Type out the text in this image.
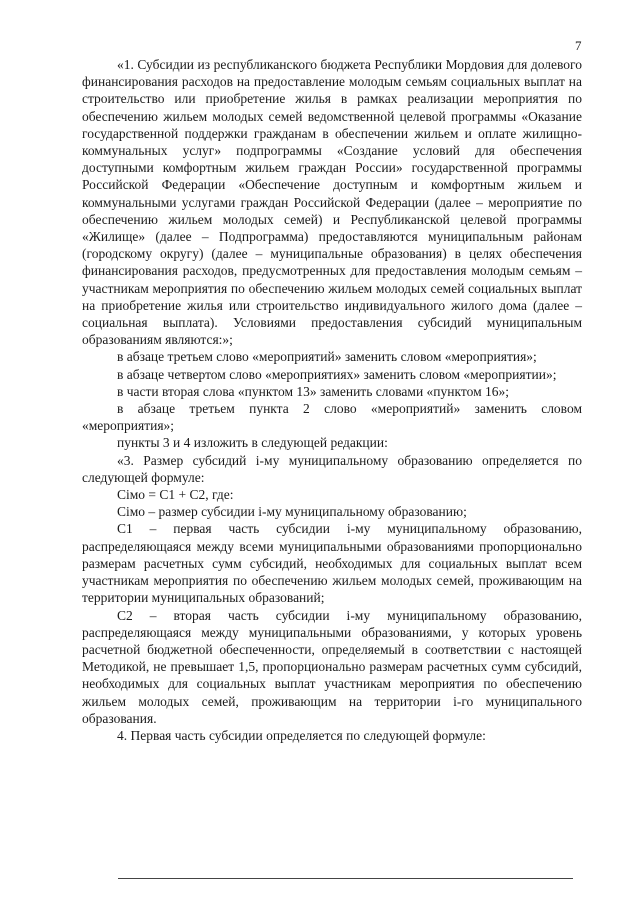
7

«1. Субсидии из республиканского бюджета Республики Мордовия для долевого финансирования расходов на предоставление молодым семьям социальных выплат на строительство или приобретение жилья в рамках реализации мероприятия по обеспечению жильем молодых семей ведомственной целевой программы «Оказание государственной поддержки гражданам в обеспечении жильем и оплате жилищно-коммунальных услуг» подпрограммы «Создание условий для обеспечения доступными комфортным жильем граждан России» государственной программы Российской Федерации «Обеспечение доступным и комфортным жильем и коммунальными услугами граждан Российской Федерации (далее – мероприятие по обеспечению жильем молодых семей) и Республиканской целевой программы «Жилище» (далее – Подпрограмма) предоставляются муниципальным районам (городскому округу) (далее – муниципальные образования) в целях обеспечения финансирования расходов, предусмотренных для предоставления молодым семьям – участникам мероприятия по обеспечению жильем молодых семей социальных выплат на приобретение жилья или строительство индивидуального жилого дома (далее – социальная выплата). Условиями предоставления субсидий муниципальным образованиям являются:»;

в абзаце третьем слово «мероприятий» заменить словом «мероприятия»;

в абзаце четвертом слово «мероприятиях» заменить словом «мероприятии»;

в части вторая слова «пунктом 13» заменить словами «пунктом 16»;

в абзаце третьем пункта 2 слово «мероприятий» заменить словом «мероприятия»;

пункты 3 и 4 изложить в следующей редакции:

«3. Размер субсидий i-му муниципальному образованию определяется по следующей формуле:

Сімо = С1 + С2, где:

Сімо – размер субсидии i-му муниципальному образованию;

С1 – первая часть субсидии i-му муниципальному образованию, распределяющаяся между всеми муниципальными образованиями пропорционально размерам расчетных сумм субсидий, необходимых для социальных выплат всем участникам мероприятия по обеспечению жильем молодых семей, проживающим на территории муниципальных образований;

С2 – вторая часть субсидии i-му муниципальному образованию, распределяющаяся между муниципальными образованиями, у которых уровень расчетной бюджетной обеспеченности, определяемый в соответствии с настоящей Методикой, не превышает 1,5, пропорционально размерам расчетных сумм субсидий, необходимых для социальных выплат участникам мероприятия по обеспечению жильем молодых семей, проживающим на территории i-го муниципального образования.

4. Первая часть субсидии определяется по следующей формуле:
